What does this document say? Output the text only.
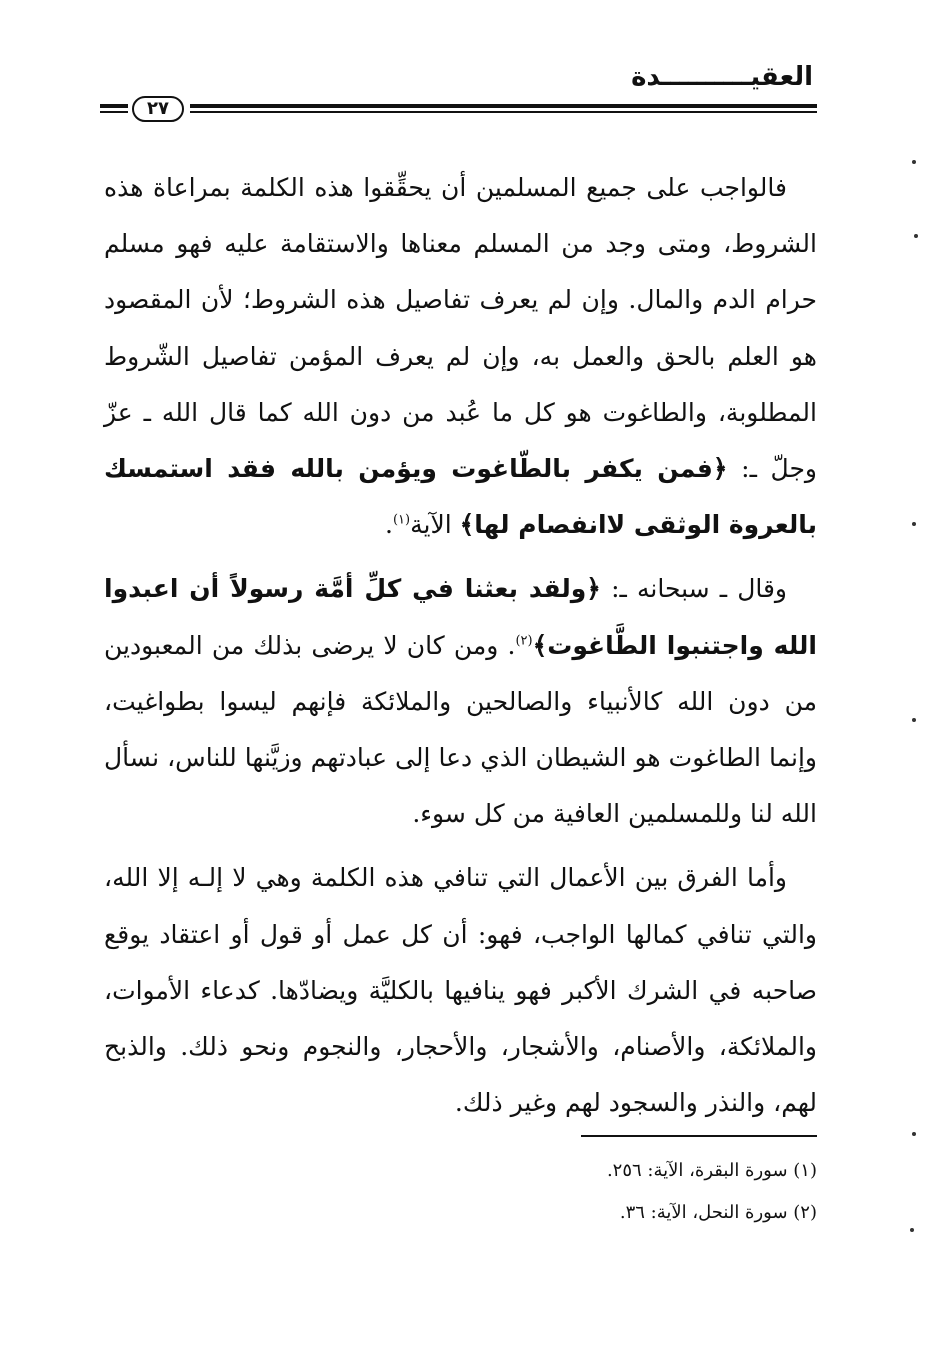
العقيــــــــــدة
٢٧

فالواجب على جميع المسلمين أن يحقِّقوا هذه الكلمة بمراعاة هذه الشروط، ومتى وجد من المسلم معناها والاستقامة عليه فهو مسلم حرام الدم والمال. وإن لم يعرف تفاصيل هذه الشروط؛ لأن المقصود هو العلم بالحق والعمل به، وإن لم يعرف المؤمن تفاصيل الشّروط المطلوبة، والطاغوت هو كل ما عُبد من دون الله كما قال الله ـ عزّ وجلّ ـ: ﴿فمن يكفر بالطّاغوت ويؤمن بالله فقد استمسك بالعروة الوثقى لاانفصام لها﴾ الآية$^{(١)}$.

وقال ـ سبحانه ـ: ﴿ولقد بعثنا في كلِّ أمَّة رسولاً أن اعبدوا الله واجتنبوا الطَّاغوت﴾$^{(٢)}$. ومن كان لا يرضى بذلك من المعبودين من دون الله كالأنبياء والصالحين والملائكة فإنهم ليسوا بطواغيت، وإنما الطاغوت هو الشيطان الذي دعا إلى عبادتهم وزيَّنها للناس، نسأل الله لنا وللمسلمين العافية من كل سوء.

وأما الفرق بين الأعمال التي تنافي هذه الكلمة وهي لا إلـه إلا الله، والتي تنافي كمالها الواجب، فهو: أن كل عمل أو قول أو اعتقاد يوقع صاحبه في الشرك الأكبر فهو ينافيها بالكليَّة ويضادّها. كدعاء الأموات، والملائكة، والأصنام، والأشجار، والأحجار، والنجوم ونحو ذلك. والذبح لهم، والنذر والسجود لهم وغير ذلك.

(١) سورة البقرة، الآية: ٢٥٦.
(٢) سورة النحل، الآية: ٣٦.
